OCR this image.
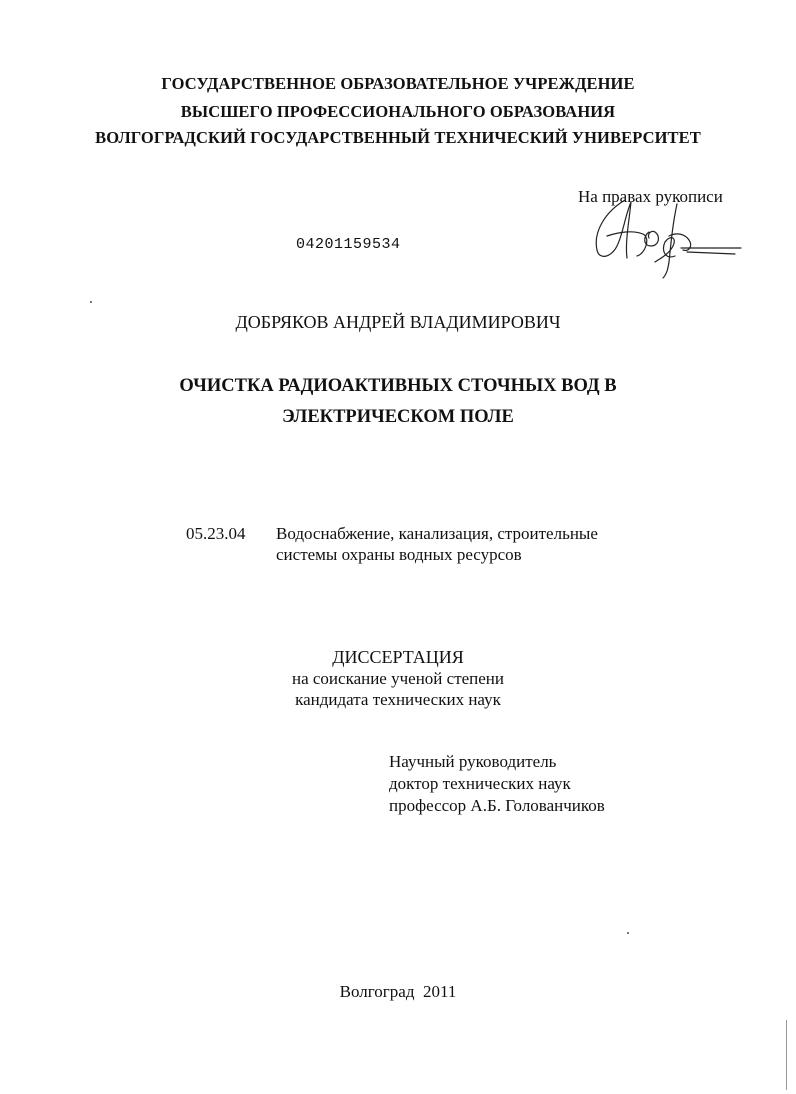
ГОСУДАРСТВЕННОЕ ОБРАЗОВАТЕЛЬНОЕ УЧРЕЖДЕНИЕ
ВЫСШЕГО ПРОФЕССИОНАЛЬНОГО ОБРАЗОВАНИЯ
ВОЛГОГРАДСКИЙ ГОСУДАРСТВЕННЫЙ ТЕХНИЧЕСКИЙ УНИВЕРСИТЕТ
На правах рукописи
04201159534
ДОБРЯКОВ АНДРЕЙ ВЛАДИМИРОВИЧ
ОЧИСТКА РАДИОАКТИВНЫХ СТОЧНЫХ ВОД В
ЭЛЕКТРИЧЕСКОМ ПОЛЕ
05.23.04 Водоснабжение, канализация, строительные
системы охраны водных ресурсов
ДИССЕРТАЦИЯ
на соискание ученой степени
кандидата технических наук
Научный руководитель
доктор технических наук
профессор А.Б. Голованчиков
Волгоград  2011
